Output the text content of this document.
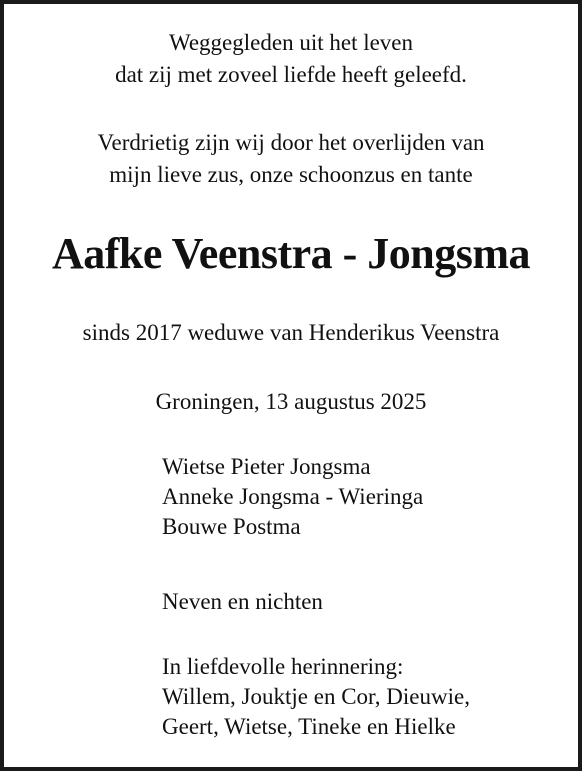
Weggegleden uit het leven
dat zij met zoveel liefde heeft geleefd.
Verdrietig zijn wij door het overlijden van
mijn lieve zus, onze schoonzus en tante
Aafke Veenstra - Jongsma
sinds 2017 weduwe van Henderikus Veenstra
Groningen, 13 augustus 2025
Wietse Pieter Jongsma
Anneke Jongsma - Wieringa
Bouwe Postma
Neven en nichten
In liefdevolle herinnering:
Willem, Jouktje en Cor, Dieuwie,
Geert, Wietse, Tineke en Hielke
